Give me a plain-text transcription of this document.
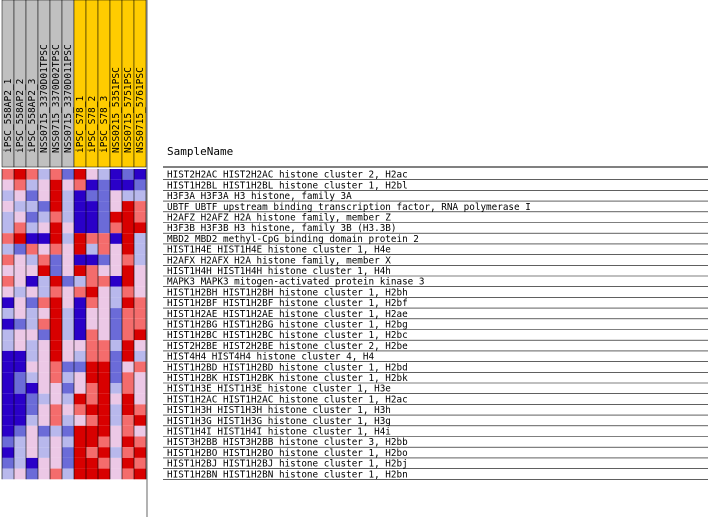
iPSC_558AP2_1 iPSC_558AP2_2 iPSC_558AP2_3 NSS0715_3370D01TPSC NSS0715_3370D02TPSC NSS0715_3370D011PSC iPSC_S78_1 iPSC_S78_2 iPSC_S78_3 NSS0215_5351PSC NSS0715_5751PSC NSS0715_5761PSC
HIST2H2AC HIST2H2AC histone cluster 2, H2ac
HIST1H2BL HIST1H2BL histone cluster 1, H2bl
H3F3A H3F3A H3 histone, family 3A
UBTF UBTF upstream binding transcription factor, RNA polymerase I
H2AFZ H2AFZ H2A histone family, member Z
H3F3B H3F3B H3 histone, family 3B (H3.3B)
MBD2 MBD2 methyl-CpG binding domain protein 2
HIST1H4E HIST1H4E histone cluster 1, H4e
H2AFX H2AFX H2A histone family, member X
HIST1H4H HIST1H4H histone cluster 1, H4h
MAPK3 MAPK3 mitogen-activated protein kinase 3
HIST1H2BH HIST1H2BH histone cluster 1, H2bh
HIST1H2BF HIST1H2BF histone cluster 1, H2bf
HIST1H2AE HIST1H2AE histone cluster 1, H2ae
HIST1H2BG HIST1H2BG histone cluster 1, H2bg
HIST1H2BC HIST1H2BC histone cluster 1, H2bc
HIST2H2BE HIST2H2BE histone cluster 2, H2be
HIST4H4 HIST4H4 histone cluster 4, H4
HIST1H2BD HIST1H2BD histone cluster 1, H2bd
HIST1H2BK HIST1H2BK histone cluster 1, H2bk
HIST1H3E HIST1H3E histone cluster 1, H3e
HIST1H2AC HIST1H2AC histone cluster 1, H2ac
HIST1H3H HIST1H3H histone cluster 1, H3h
HIST1H3G HIST1H3G histone cluster 1, H3g
HIST1H4I HIST1H4I histone cluster 1, H4i
HIST3H2BB HIST3H2BB histone cluster 3, H2bb
HIST1H2BO HIST1H2BO histone cluster 1, H2bo
HIST1H2BJ HIST1H2BJ histone cluster 1, H2bj
HIST1H2BN HIST1H2BN histone cluster 1, H2bn
SampleName
